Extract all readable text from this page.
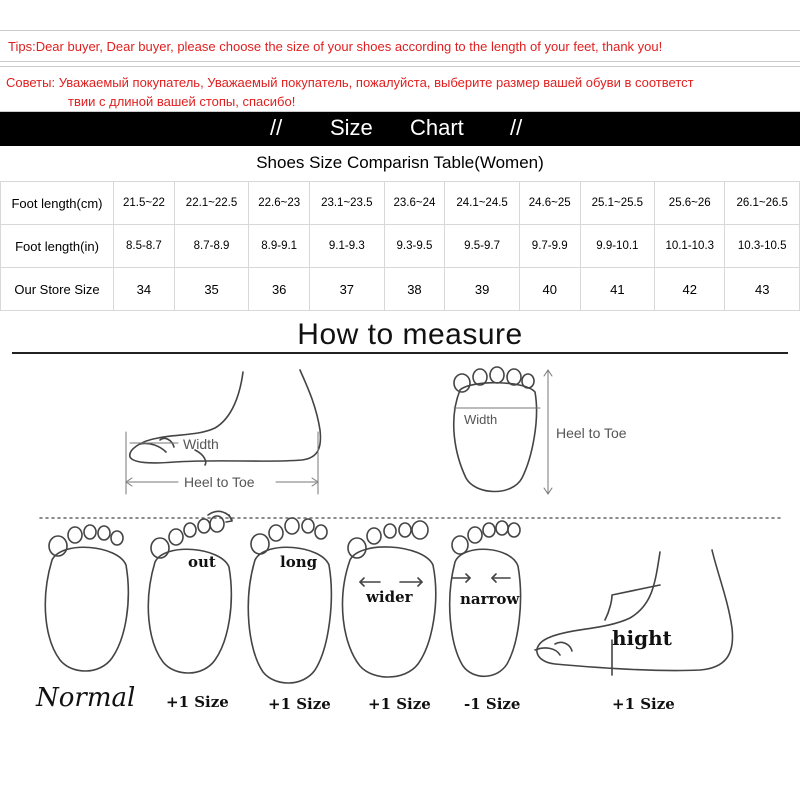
Tips:Dear buyer, Dear buyer, please choose the size of your shoes according to the length of your feet, thank you!
Советы: Уважаемый покупатель, Уважаемый покупатель, пожалуйста, выберите размер вашей обуви в соответст
твии с длиной вашей стопы, спасибо!
// Size Chart //
Shoes Size Comparisn Table(Women)
Foot length(cm)	21.5~22	22.1~22.5	22.6~23	23.1~23.5	23.6~24	24.1~24.5	24.6~25	25.1~25.5	25.6~26	26.1~26.5
Foot length(in)	8.5-8.7	8.7-8.9	8.9-9.1	9.1-9.3	9.3-9.5	9.5-9.7	9.7-9.9	9.9-10.1	10.1-10.3	10.3-10.5
Our Store Size	34	35	36	37	38	39	40	41	42	43
How to measure
Width
Heel to Toe
Width
Heel to Toe
out	long
wider	narrow
hight
Normal +1 Size	+1 Size +1 Size -1 Size	+1 Size
